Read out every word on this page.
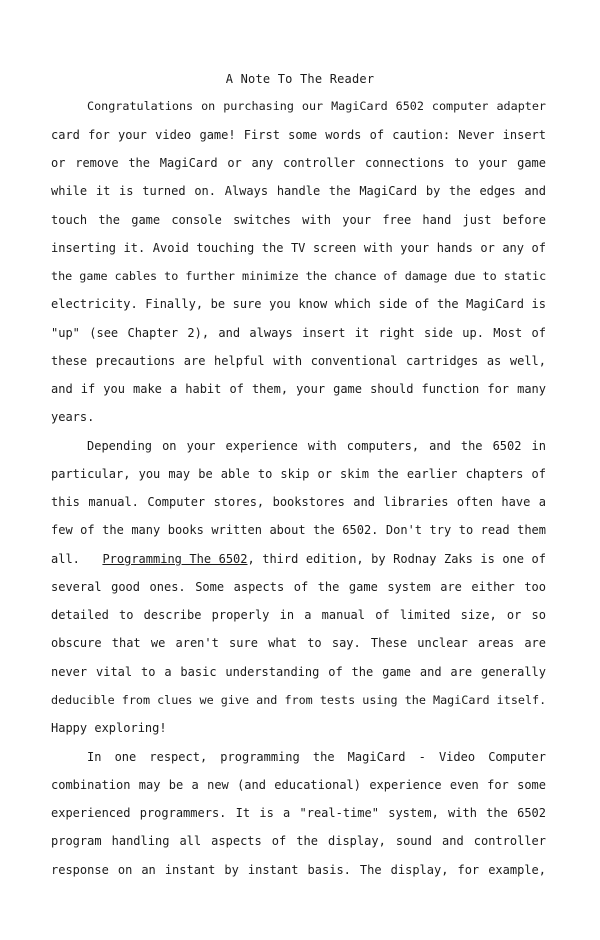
A Note To The Reader
Congratulations on purchasing our MagiCard 6502 computer adapter
card for your video game! First some words of caution: Never insert
or remove the MagiCard or any controller connections to your game
while it is turned on. Always handle the MagiCard by the edges and
touch the game console switches with your free hand just before
inserting it. Avoid touching the TV screen with your hands or any of
the game cables to further minimize the chance of damage due to static
electricity. Finally, be sure you know which side of the MagiCard is
"up" (see Chapter 2), and always insert it right side up. Most of
these precautions are helpful with conventional cartridges as well,
and if you make a habit of them, your game should function for many
years.
Depending on your experience with computers, and the 6502 in
particular, you may be able to skip or skim the earlier chapters of
this manual. Computer stores, bookstores and libraries often have a
few of the many books written about the 6502. Don't try to read them
all. Programming The 6502, third edition, by Rodnay Zaks is one of
several good ones. Some aspects of the game system are either too
detailed to describe properly in a manual of limited size, or so
obscure that we aren't sure what to say. These unclear areas are
never vital to a basic understanding of the game and are generally
deducible from clues we give and from tests using the MagiCard itself.
Happy exploring!
In one respect, programming the MagiCard - Video Computer
combination may be a new (and educational) experience even for some
experienced programmers. It is a "real-time" system, with the 6502
program handling all aspects of the display, sound and controller
response on an instant by instant basis. The display, for example,
